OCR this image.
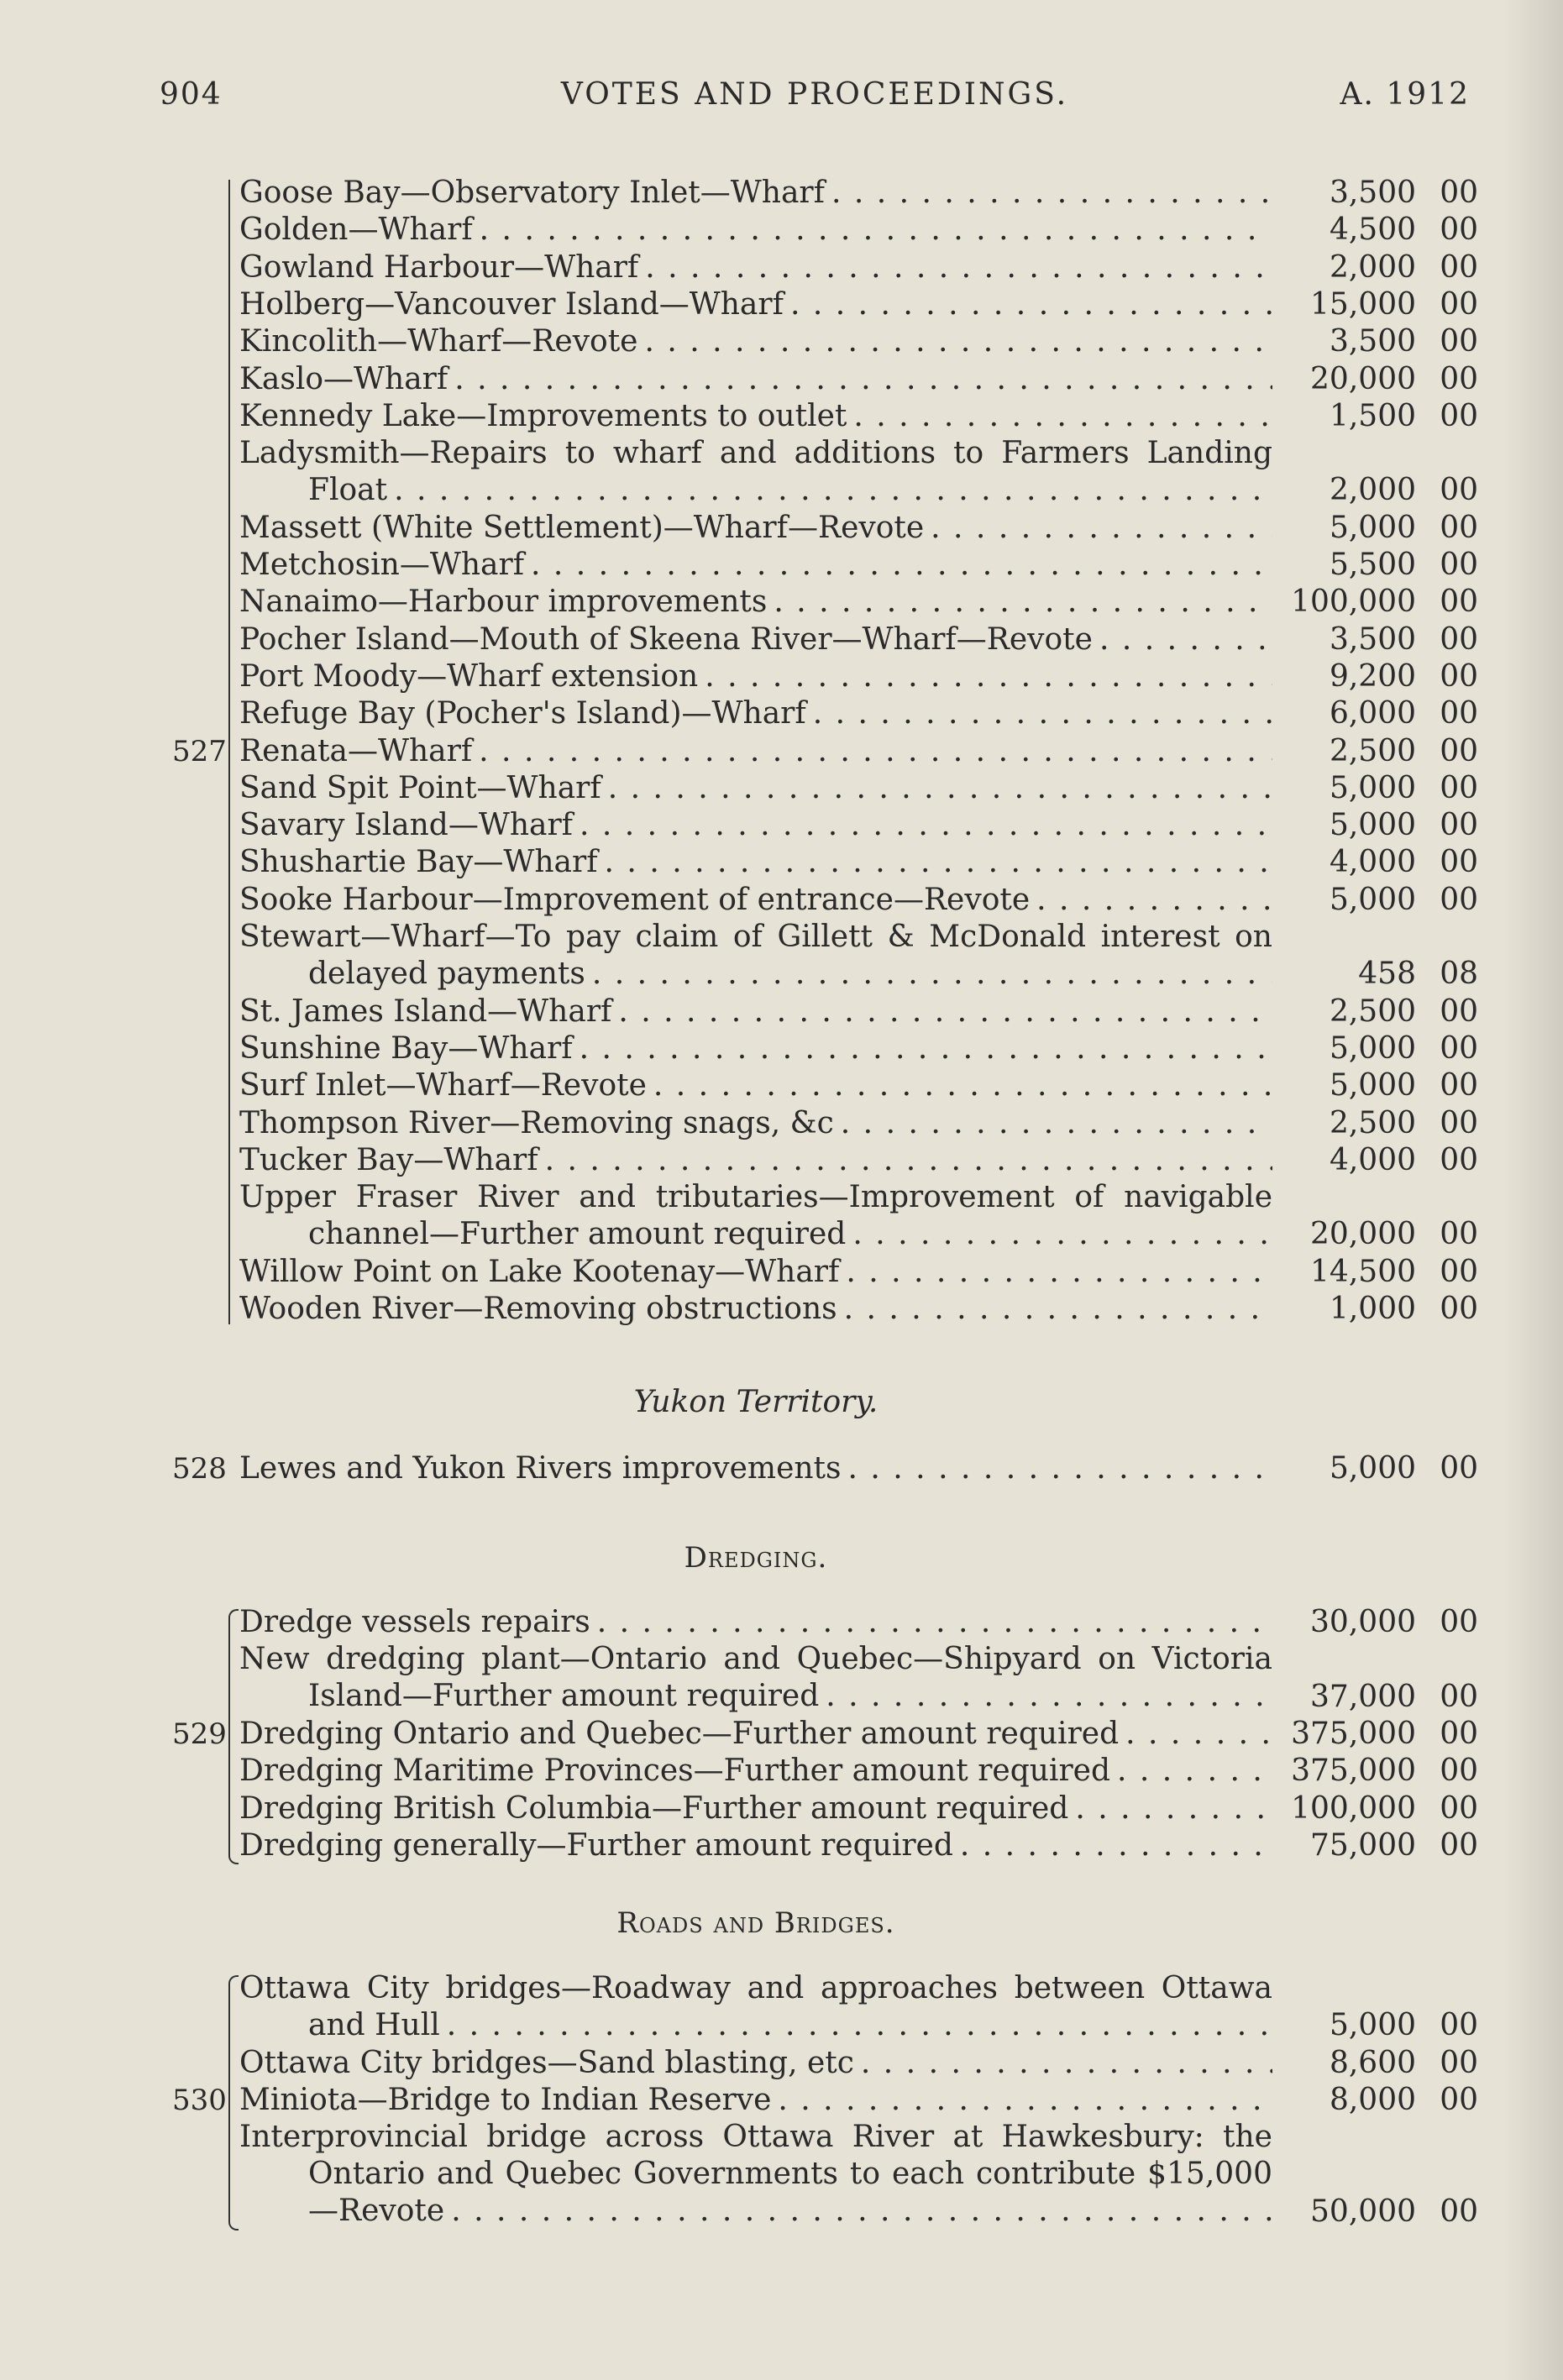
904	VOTES AND PROCEEDINGS.	A. 1912
Goose Bay—Observatory Inlet—Wharf . . .	3,500 00
Golden—Wharf . . .	4,500 00
Gowland Harbour—Wharf . . .	2,000 00
Holberg—Vancouver Island—Wharf . . .	15,000 00
Kincolith—Wharf—Revote . . .	3,500 00
Kaslo—Wharf . . .	20,000 00
Kennedy Lake—Improvements to outlet . . .	1,500 00
Ladysmith—Repairs to wharf and additions to Farmers Landing
Float . . .	2,000 00
Massett (White Settlement)—Wharf—Revote . . .	5,000 00
Metchosin—Wharf . . .	5,500 00
Nanaimo—Harbour improvements . . .	100,000 00
Pocher Island—Mouth of Skeena River—Wharf—Revote . . .	3,500 00
Port Moody—Wharf extension . . .	9,200 00
Refuge Bay (Pocher's Island)—Wharf . . .	6,000 00
Renata—Wharf . . .	2,500 00
Sand Spit Point—Wharf . . .	5,000 00
Savary Island—Wharf . . .	5,000 00
Shushartie Bay—Wharf . . .	4,000 00
Sooke Harbour—Improvement of entrance—Revote . . .	5,000 00
Stewart—Wharf—To pay claim of Gillett & McDonald interest on
delayed payments . . .	458 08
St. James Island—Wharf . . .	2,500 00
Sunshine Bay—Wharf . . .	5,000 00
Surf Inlet—Wharf—Revote . . .	5,000 00
Thompson River—Removing snags, &c . . .	2,500 00
Tucker Bay—Wharf . . .	4,000 00
Upper Fraser River and tributaries—Improvement of navigable
channel—Further amount required . . .	20,000 00
Willow Point on Lake Kootenay—Wharf . . .	14,500 00
Wooden River—Removing obstructions . . .	1,000 00
527
Yukon Territory.
Lewes and Yukon Rivers improvements . . .	5,000 00
528
Dredging.
Dredge vessels repairs . . .	30,000 00
New dredging plant—Ontario and Quebec—Shipyard on Victoria
Island—Further amount required . . .	37,000 00
Dredging Ontario and Quebec—Further amount required . . .	375,000 00
Dredging Maritime Provinces—Further amount required . . .	375,000 00
Dredging British Columbia—Further amount required . . .	100,000 00
Dredging generally—Further amount required . . .	75,000 00
529
Roads and Bridges.
Ottawa City bridges—Roadway and approaches between Ottawa
and Hull . . .	5,000 00
Ottawa City bridges—Sand blasting, etc . . .	8,600 00
Miniota—Bridge to Indian Reserve . . .	8,000 00
Interprovincial bridge across Ottawa River at Hawkesbury: the
Ontario and Quebec Governments to each contribute $15,000
—Revote . . .	50,000 00
530
